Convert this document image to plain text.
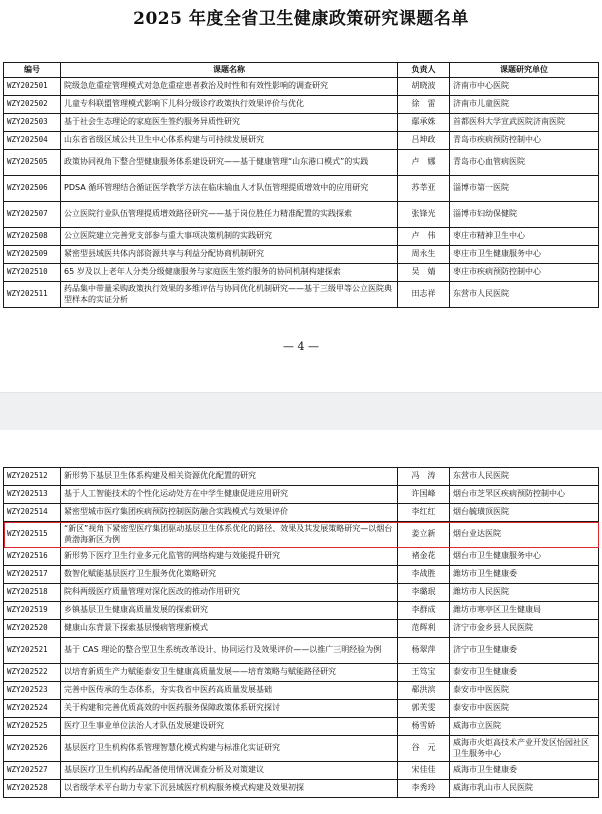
2025 年度全省卫生健康政策研究课题名单
编号	课题名称	负责人	课题研究单位
WZY202501	院级急危重症管理模式对急危重症患者救治及时性和有效性影响的调查研究	胡晓波	济南市中心医院
WZY202502	儿童专科联盟管理模式影响下儿科分级诊疗政策执行效果评价与优化	徐　雷	济南市儿童医院
WZY202503	基于社会生态理论的家庭医生签约服务异质性研究	鄢承姝	首都医科大学宣武医院济南医院
WZY202504	山东省省级区域公共卫生中心体系构建与可持续发展研究	吕坤政	青岛市疾病预防控制中心
WZY202505	政策协同视角下整合型健康服务体系建设研究——基于健康管理“山东港口模式”的实践	卢　娜	青岛市心血管病医院
WZY202506	PDSA 循环管理结合循证医学教学方法在临床输血人才队伍管理提质增效中的应用研究	苏莘亚	淄博市第一医院
WZY202507	公立医院行业队伍管理提质增效路径研究——基于岗位胜任力精准配置的实践探索	张锋光	淄博市妇幼保健院
WZY202508	公立医院建立完善党支部参与重大事项决策机制的实践研究	卢　伟	枣庄市精神卫生中心
WZY202509	紧密型县域医共体内部资源共享与利益分配协商机制研究	周永生	枣庄市卫生健康服务中心
WZY202510	65 岁及以上老年人分类分级健康服务与家庭医生签约服务的协同机制构建探索	吴　婧	枣庄市疾病预防控制中心
WZY202511	药品集中带量采购政策执行效果的多维评估与协同优化机制研究——基于三级甲等公立医院典型样本的实证分析	田志祥	东营市人民医院
— 4 —
WZY202512	新形势下基层卫生体系构建及相关资源优化配置的研究	冯　涛	东营市人民医院
WZY202513	基于人工智能技术的个性化运动处方在中学生健康促进应用研究	许国峰	烟台市芝罘区疾病预防控制中心
WZY202514	紧密型城市医疗集团疾病预防控制医防融合实践模式与效果评价	李红红	烟台毓璜顶医院
WZY202515	“新区”视角下紧密型医疗集团驱动基层卫生体系优化的路径、效果及其发展策略研究—以烟台黄渤海新区为例	姜立新	烟台业达医院
WZY202516	新形势下医疗卫生行业多元化监管的网络构建与效能提升研究	褚金花	烟台市卫生健康服务中心
WZY202517	数智化赋能基层医疗卫生服务优化策略研究	李战胜	潍坊市卫生健康委
WZY202518	院科两级医疗质量管理对深化医改的推动作用研究	李璐珉	潍坊市人民医院
WZY202519	乡镇基层卫生健康高质量发展的探索研究	李群成	潍坊市寒亭区卫生健康局
WZY202520	健康山东背景下探索基层慢病管理新模式	范辉利	济宁市金乡县人民医院
WZY202521	基于 CAS 理论的整合型卫生系统改革设计、协同运行及效果评价——以推广三明经验为例	杨翠萍	济宁市卫生健康委
WZY202522	以培育新质生产力赋能泰安卫生健康高质量发展——培育策略与赋能路径研究	王笃宝	泰安市卫生健康委
WZY202523	完善中医传承的生态体系，夯实我省中医药高质量发展基础	郗洪滨	泰安市中医医院
WZY202524	关于构建和完善优质高效的中医药服务保障政策体系研究探讨	郭芙雯	泰安市中医医院
WZY202525	医疗卫生事业单位法治人才队伍发展建设研究	杨雪娇	威海市立医院
WZY202526	基层医疗卫生机构体系管理智慧化模式构建与标准化实证研究	谷　元	威海市火炬高技术产业开发区怡园社区卫生服务中心
WZY202527	基层医疗卫生机构药品配备使用情况调查分析及对策建议	宋佳佳	威海市卫生健康委
WZY202528	以省级学术平台助力专家下沉县域医疗机构服务模式构建及效果初探	李秀玲	威海市乳山市人民医院
